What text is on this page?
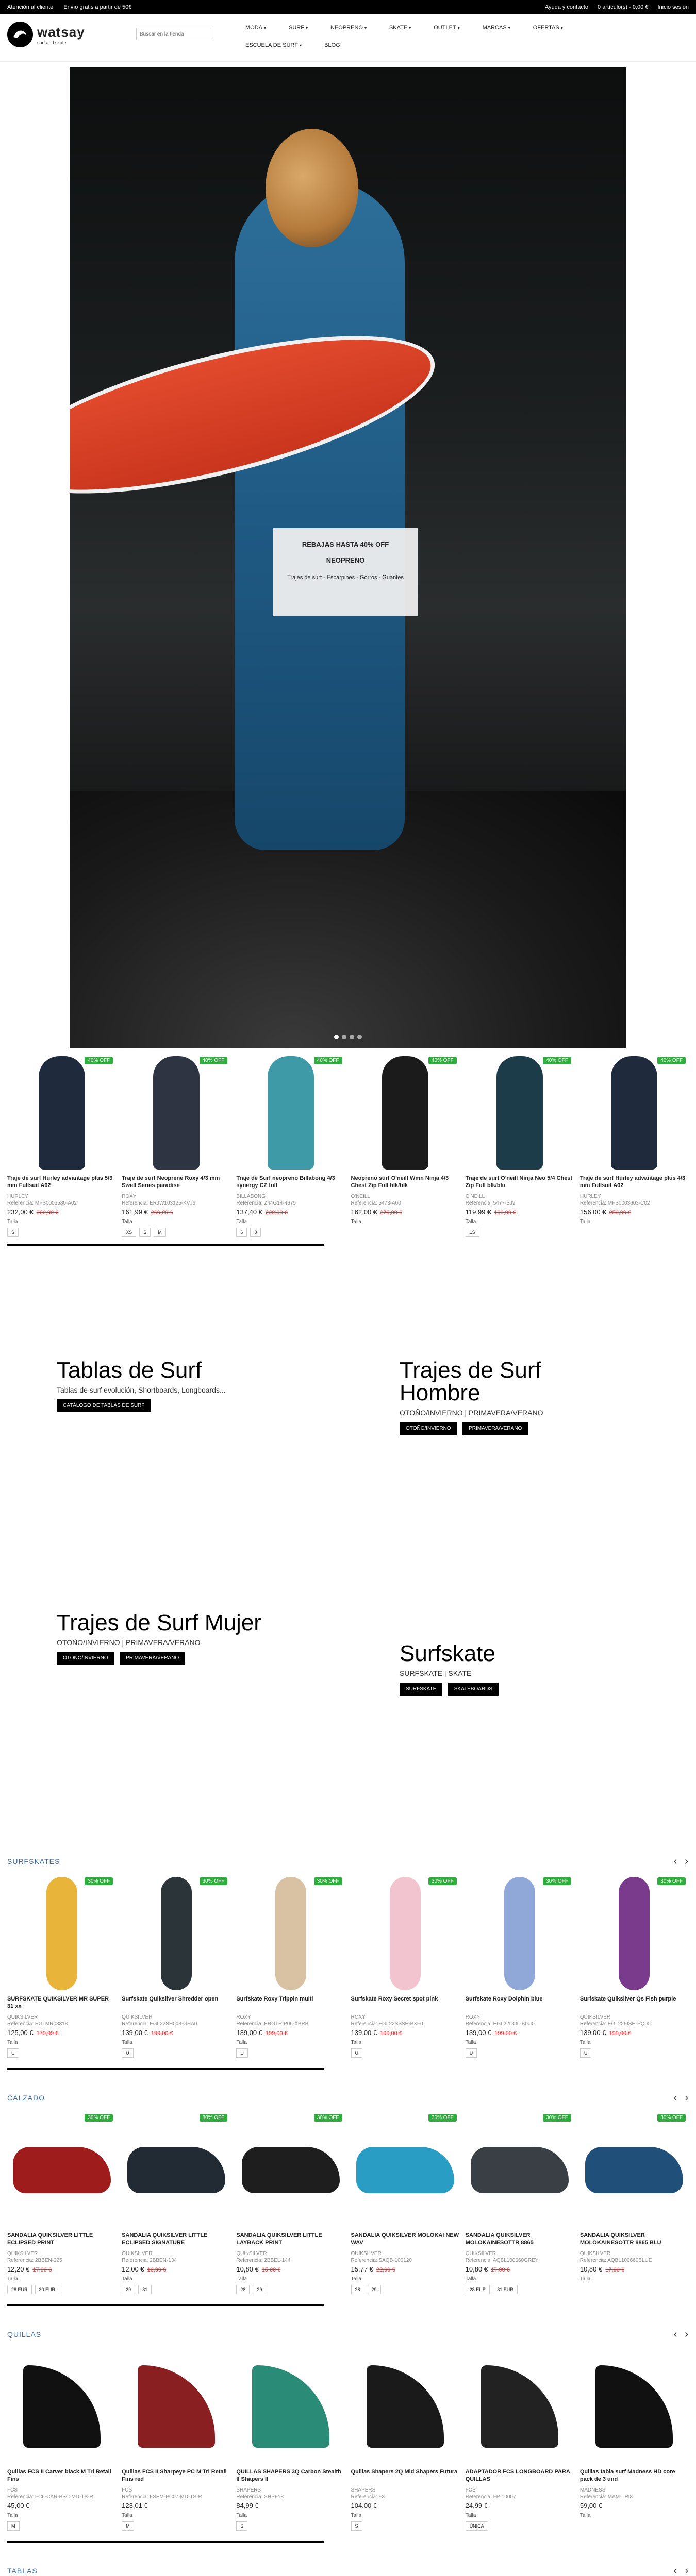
Atención al cliente Envío gratis a partir de 50€	Ayuda y contacto 0 artículo(s) - 0,00 € Inicio sesión
watsay
surf and skate
Buscar en la tienda
MODA ▾	SURF ▾	NEOPRENO ▾	SKATE ▾	OUTLET ▾	MARCAS ▾	OFERTAS ▾
ESCUELA DE SURF ▾	BLOG
REBAJAS HASTA 40% OFF
NEOPRENO
Trajes de surf - Escarpines - Gorros - Guantes
40% OFF
Traje de surf Hurley advantage plus 5/3 mm Fullsuit A02
HURLEY
Referencia: MFS0003580-A02
232,00 € 360,99 €
Talla
S
40% OFF
Traje de surf Neoprene Roxy 4/3 mm Swell Series paradise
ROXY
Referencia: ERJW103125-KVJ6
161,99 € 269,99 €
Talla
XS	S	M
40% OFF
Traje de Surf neopreno Billabong 4/3 synergy CZ full
BILLABONG
Referencia: Z44G14-4675
137,40 € 229,00 €
Talla
6	8
40% OFF
Neopreno surf O'neill Wmn Ninja 4/3 Chest Zip Full blk/blk
O'NEILL
Referencia: 5473-A00
162,00 € 270,00 €
Talla
40% OFF
Traje de surf O'neill Ninja Neo 5/4 Chest Zip Full blk/blu
O'NEILL
Referencia: 5477-SJ9
119,99 € 199,99 €
Talla
1S
40% OFF
Traje de surf Hurley advantage plus 4/3 mm Fullsuit A02
HURLEY
Referencia: MFS0003603-C02
156,00 € 259,99 €
Talla
Tablas de Surf
Tablas de surf evolución, Shortboards, Longboards...
CATÁLOGO DE TABLAS DE SURF
Trajes de Surf Hombre
OTOÑO/INVIERNO | PRIMAVERA/VERANO
OTOÑO/INVIERNO	PRIMAVERA/VERANO
Trajes de Surf Mujer
OTOÑO/INVIERNO | PRIMAVERA/VERANO
OTOÑO/INVIERNO	PRIMAVERA/VERANO	Surfskate
SURFSKATE | SKATE
SURFSKATE	SKATEBOARDS
SURFSKATES	‹ ›
30% OFF
SURFSKATE QUIKSILVER MR SUPER 31 xx
QUIKSILVER
Referencia: EGLMR03318
125,00 € 179,99 €
Talla
U
30% OFF
Surfskate Quiksilver Shredder open
QUIKSILVER
Referencia: EGL22SH008-GHA0
139,00 € 199,00 €
Talla
U
30% OFF
Surfskate Roxy Trippin multi
ROXY
Referencia: ERGTRIP06-XBRB
139,00 € 199,00 €
Talla
U
30% OFF
Surfskate Roxy Secret spot pink
ROXY
Referencia: EGL22SSSE-BXF0
139,00 € 199,00 €
Talla
U
30% OFF
Surfskate Roxy Dolphin blue
ROXY
Referencia: EGL22DOL-BGJ0
139,00 € 199,00 €
Talla
U
30% OFF
Surfskate Quiksilver Qs Fish purple
QUIKSILVER
Referencia: EGL22FISH-PQ00
139,00 € 199,00 €
Talla
U
CALZADO	‹ ›
30% OFF
SANDALIA QUIKSILVER LITTLE ECLIPSED PRINT
QUIKSILVER
Referencia: 2BBEN-225
12,20 € 17,99 €
Talla
28 EUR	30 EUR
30% OFF
SANDALIA QUIKSILVER LITTLE ECLIPSED SIGNATURE
QUIKSILVER
Referencia: 2BBEN-134
12,00 € 16,99 €
Talla
29	31
30% OFF
SANDALIA QUIKSILVER LITTLE LAYBACK PRINT
QUIKSILVER
Referencia: 2BBEL-144
10,80 € 15,00 €
Talla
28	29
30% OFF
SANDALIA QUIKSILVER MOLOKAI NEW WAV
QUIKSILVER
Referencia: SAQB-100120
15,77 € 22,00 €
Talla
28	29
30% OFF
SANDALIA QUIKSILVER MOLOKAINESOTTR 8865
QUIKSILVER
Referencia: AQBL100660GREY
10,80 € 17,00 €
Talla
28 EUR	31 EUR
30% OFF
SANDALIA QUIKSILVER MOLOKAINESOTTR 8865 BLU
QUIKSILVER
Referencia: AQBL100660BLUE
10,80 € 17,00 €
Talla
QUILLAS	‹ ›
Quillas FCS II Carver black M Tri Retail Fins
FCS
Referencia: FCII-CAR-BBC-MD-TS-R
45,00 €
Talla
M
Quillas FCS II Sharpeye PC M Tri Retail Fins red
FCS
Referencia: FSEM-PC07-MD-TS-R
123,01 €
Talla
M
QUILLAS SHAPERS 3Q Carbon Stealth II Shapers II
SHAPERS
Referencia: SHPF18
84,99 €
Talla
S
Quillas Shapers 2Q Mid Shapers Futura
SHAPERS
Referencia: F3
104,00 €
Talla
S
ADAPTADOR FCS LONGBOARD PARA QUILLAS
FCS
Referencia: FP-10007
24,99 €
Talla
ÚNICA
Quillas tabla surf Madness HD core pack de 3 und
MADNESS
Referencia: MAM-TRI3
59,00 €
Talla
TABLAS	‹ ›
